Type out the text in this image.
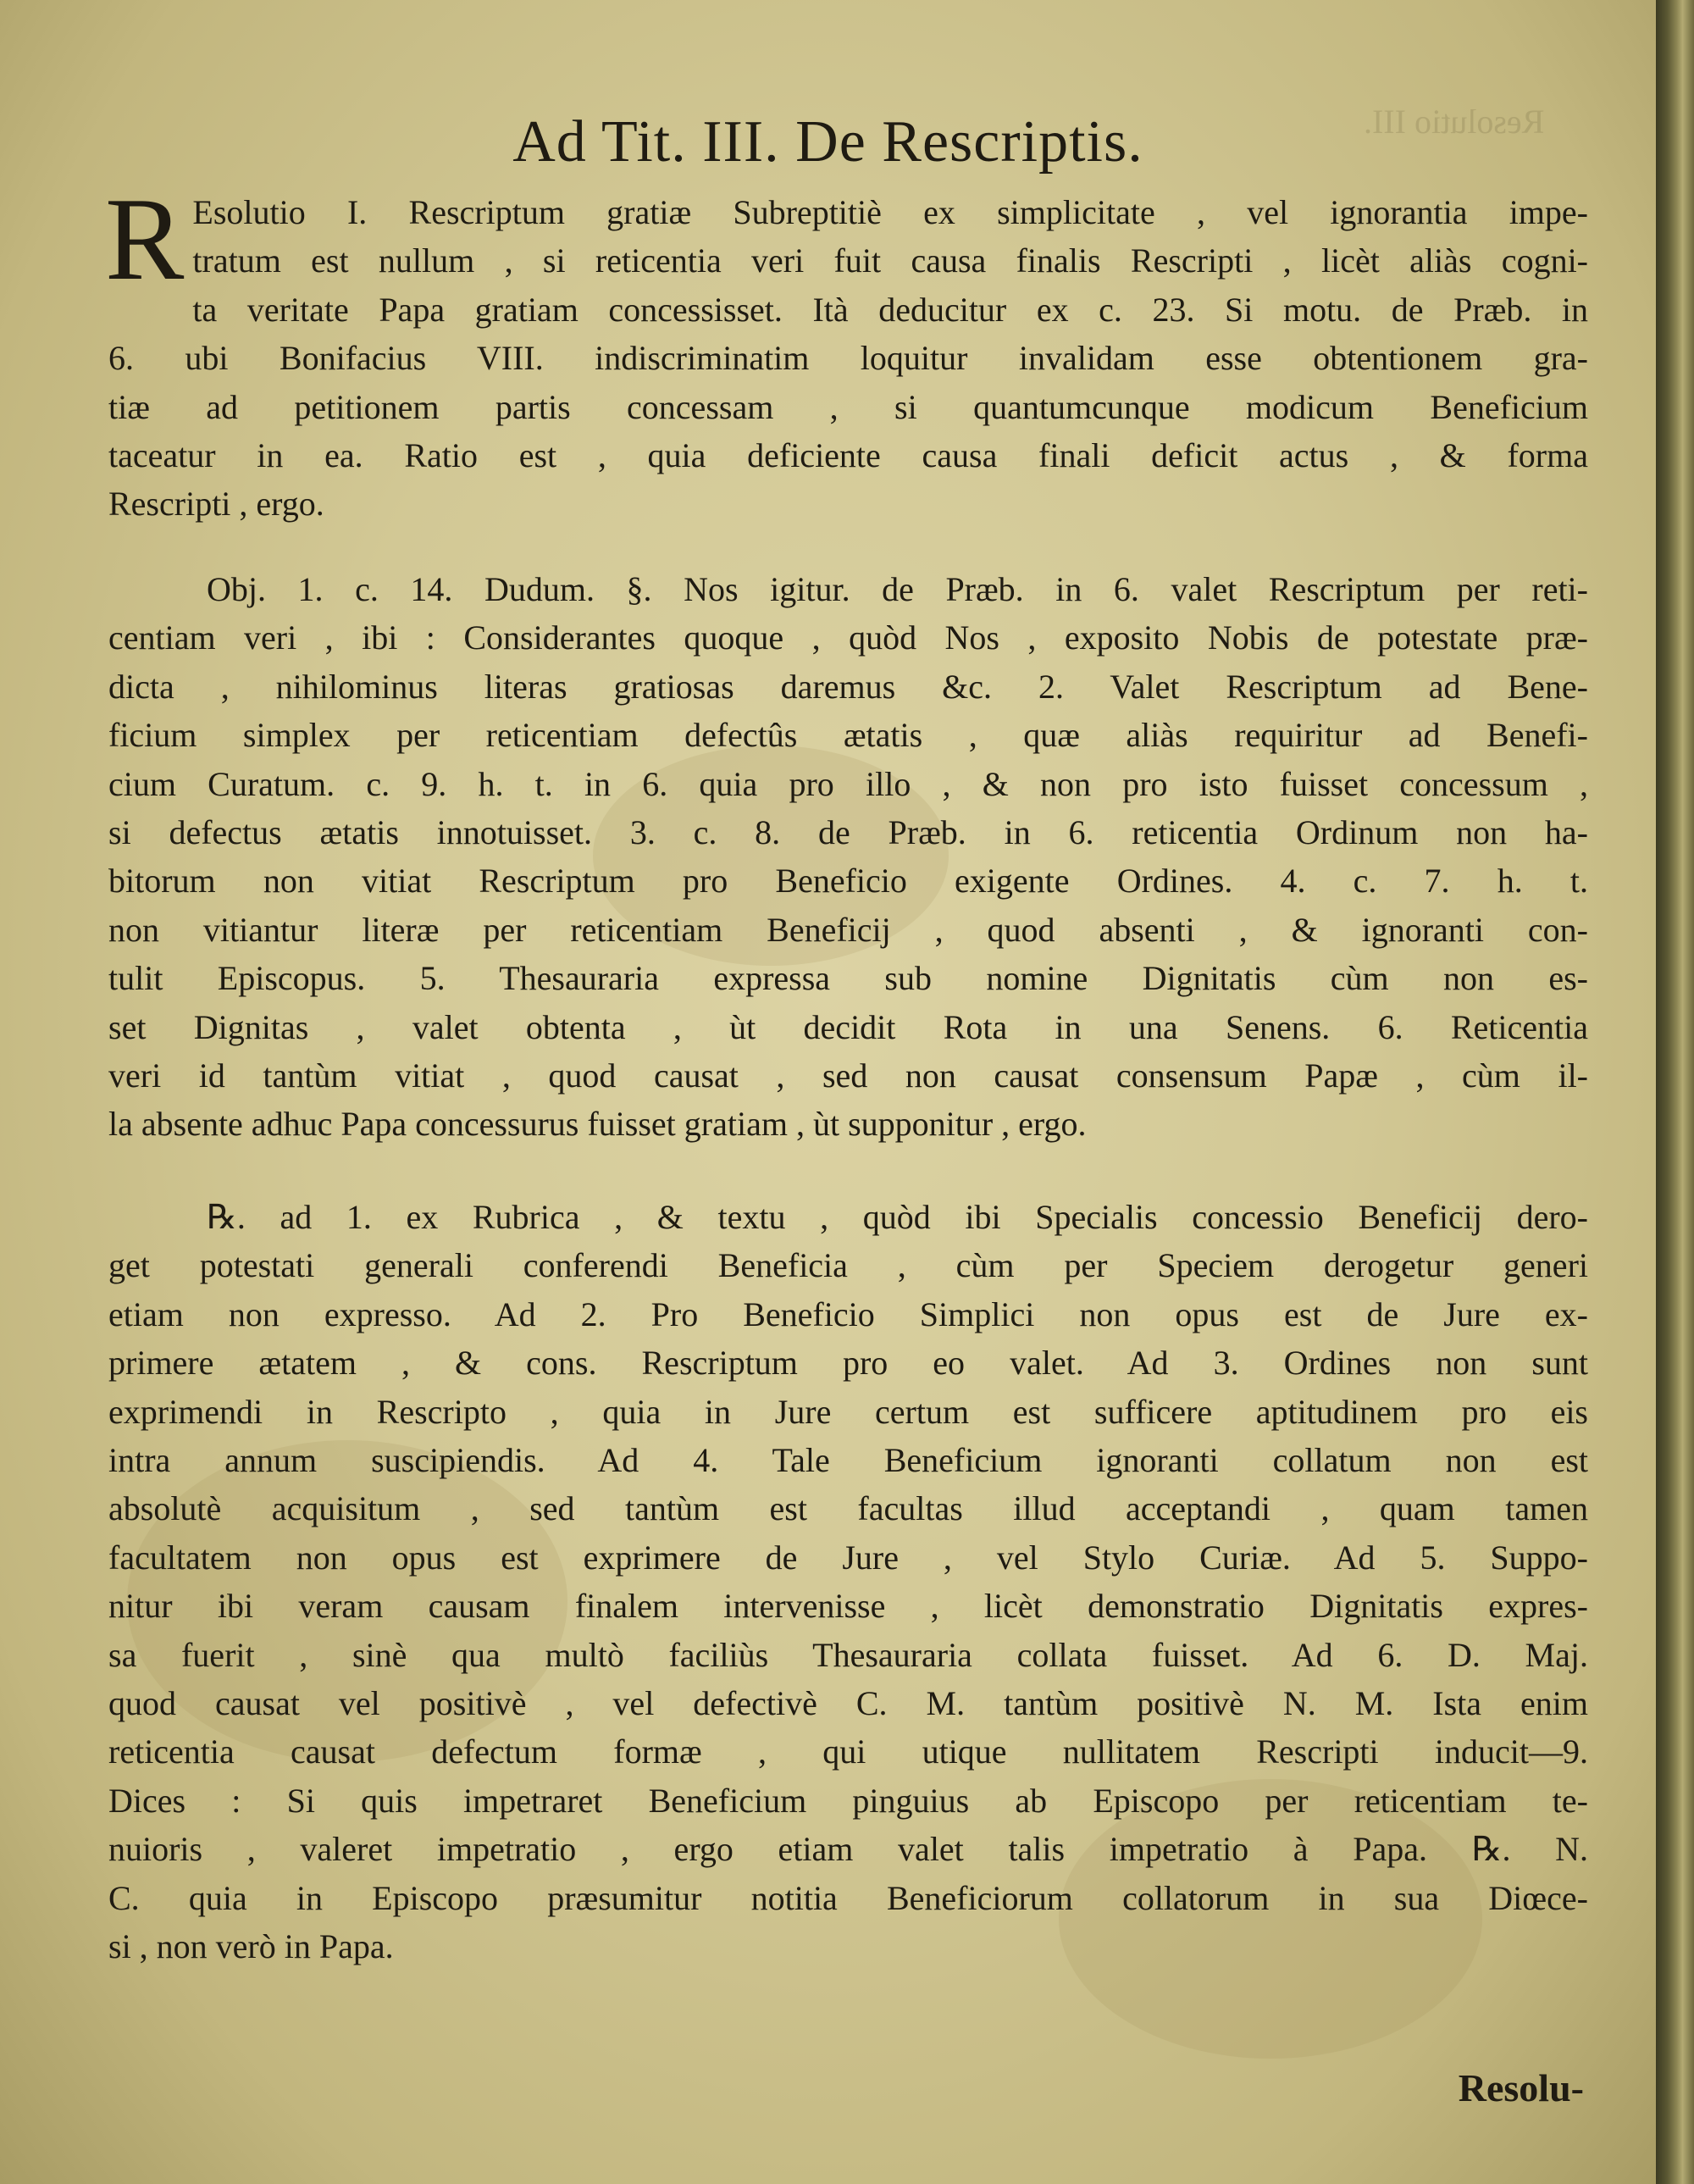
Resolutio III.
Ad Tit. III. De Rescriptis.
R Esolutio I. Rescriptum gratiæ Subreptitiè ex simplicitate , vel ignorantia impe-
tratum est nullum , si reticentia veri fuit causa finalis Rescripti , licèt aliàs cogni-
ta veritate Papa gratiam concessisset. Ità deducitur ex c. 23. Si motu. de Præb. in
6. ubi Bonifacius VIII. indiscriminatim loquitur invalidam esse obtentionem gra-
tiæ ad petitionem partis concessam , si quantumcunque modicum Beneficium
taceatur in ea. Ratio est , quia deficiente causa finali deficit actus , & forma
Rescripti , ergo.
Obj. 1. c. 14. Dudum. §. Nos igitur. de Præb. in 6. valet Rescriptum per reti-
centiam veri , ibi : Considerantes quoque , quòd Nos , exposito Nobis de potestate præ-
dicta , nihilominus literas gratiosas daremus &c. 2. Valet Rescriptum ad Bene-
ficium simplex per reticentiam defectûs ætatis , quæ aliàs requiritur ad Benefi-
cium Curatum. c. 9. h. t. in 6. quia pro illo , & non pro isto fuisset concessum ,
si defectus ætatis innotuisset. 3. c. 8. de Præb. in 6. reticentia Ordinum non ha-
bitorum non vitiat Rescriptum pro Beneficio exigente Ordines. 4. c. 7. h. t.
non vitiantur literæ per reticentiam Beneficij , quod absenti , & ignoranti con-
tulit Episcopus. 5. Thesauraria expressa sub nomine Dignitatis cùm non es-
set Dignitas , valet obtenta , ùt decidit Rota in una Senens. 6. Reticentia
veri id tantùm vitiat , quod causat , sed non causat consensum Papæ , cùm il-
la absente adhuc Papa concessurus fuisset gratiam , ùt supponitur , ergo.
℞. ad 1. ex Rubrica , & textu , quòd ibi Specialis concessio Beneficij dero-
get potestati generali conferendi Beneficia , cùm per Speciem derogetur generi
etiam non expresso. Ad 2. Pro Beneficio Simplici non opus est de Jure ex-
primere ætatem , & cons. Rescriptum pro eo valet. Ad 3. Ordines non sunt
exprimendi in Rescripto , quia in Jure certum est sufficere aptitudinem pro eis
intra annum suscipiendis. Ad 4. Tale Beneficium ignoranti collatum non est
absolutè acquisitum , sed tantùm est facultas illud acceptandi , quam tamen
facultatem non opus est exprimere de Jure , vel Stylo Curiæ. Ad 5. Suppo-
nitur ibi veram causam finalem intervenisse , licèt demonstratio Dignitatis expres-
sa fuerit , sinè qua multò faciliùs Thesauraria collata fuisset. Ad 6. D. Maj.
quod causat vel positivè , vel defectivè C. M. tantùm positivè N. M. Ista enim
reticentia causat defectum formæ , qui utique nullitatem Rescripti inducit—9.
Dices : Si quis impetraret Beneficium pinguius ab Episcopo per reticentiam te-
nuioris , valeret impetratio , ergo etiam valet talis impetratio à Papa. ℞. N.
C. quia in Episcopo præsumitur notitia Beneficiorum collatorum in sua Diœce-
si , non verò in Papa.
Resolu-
